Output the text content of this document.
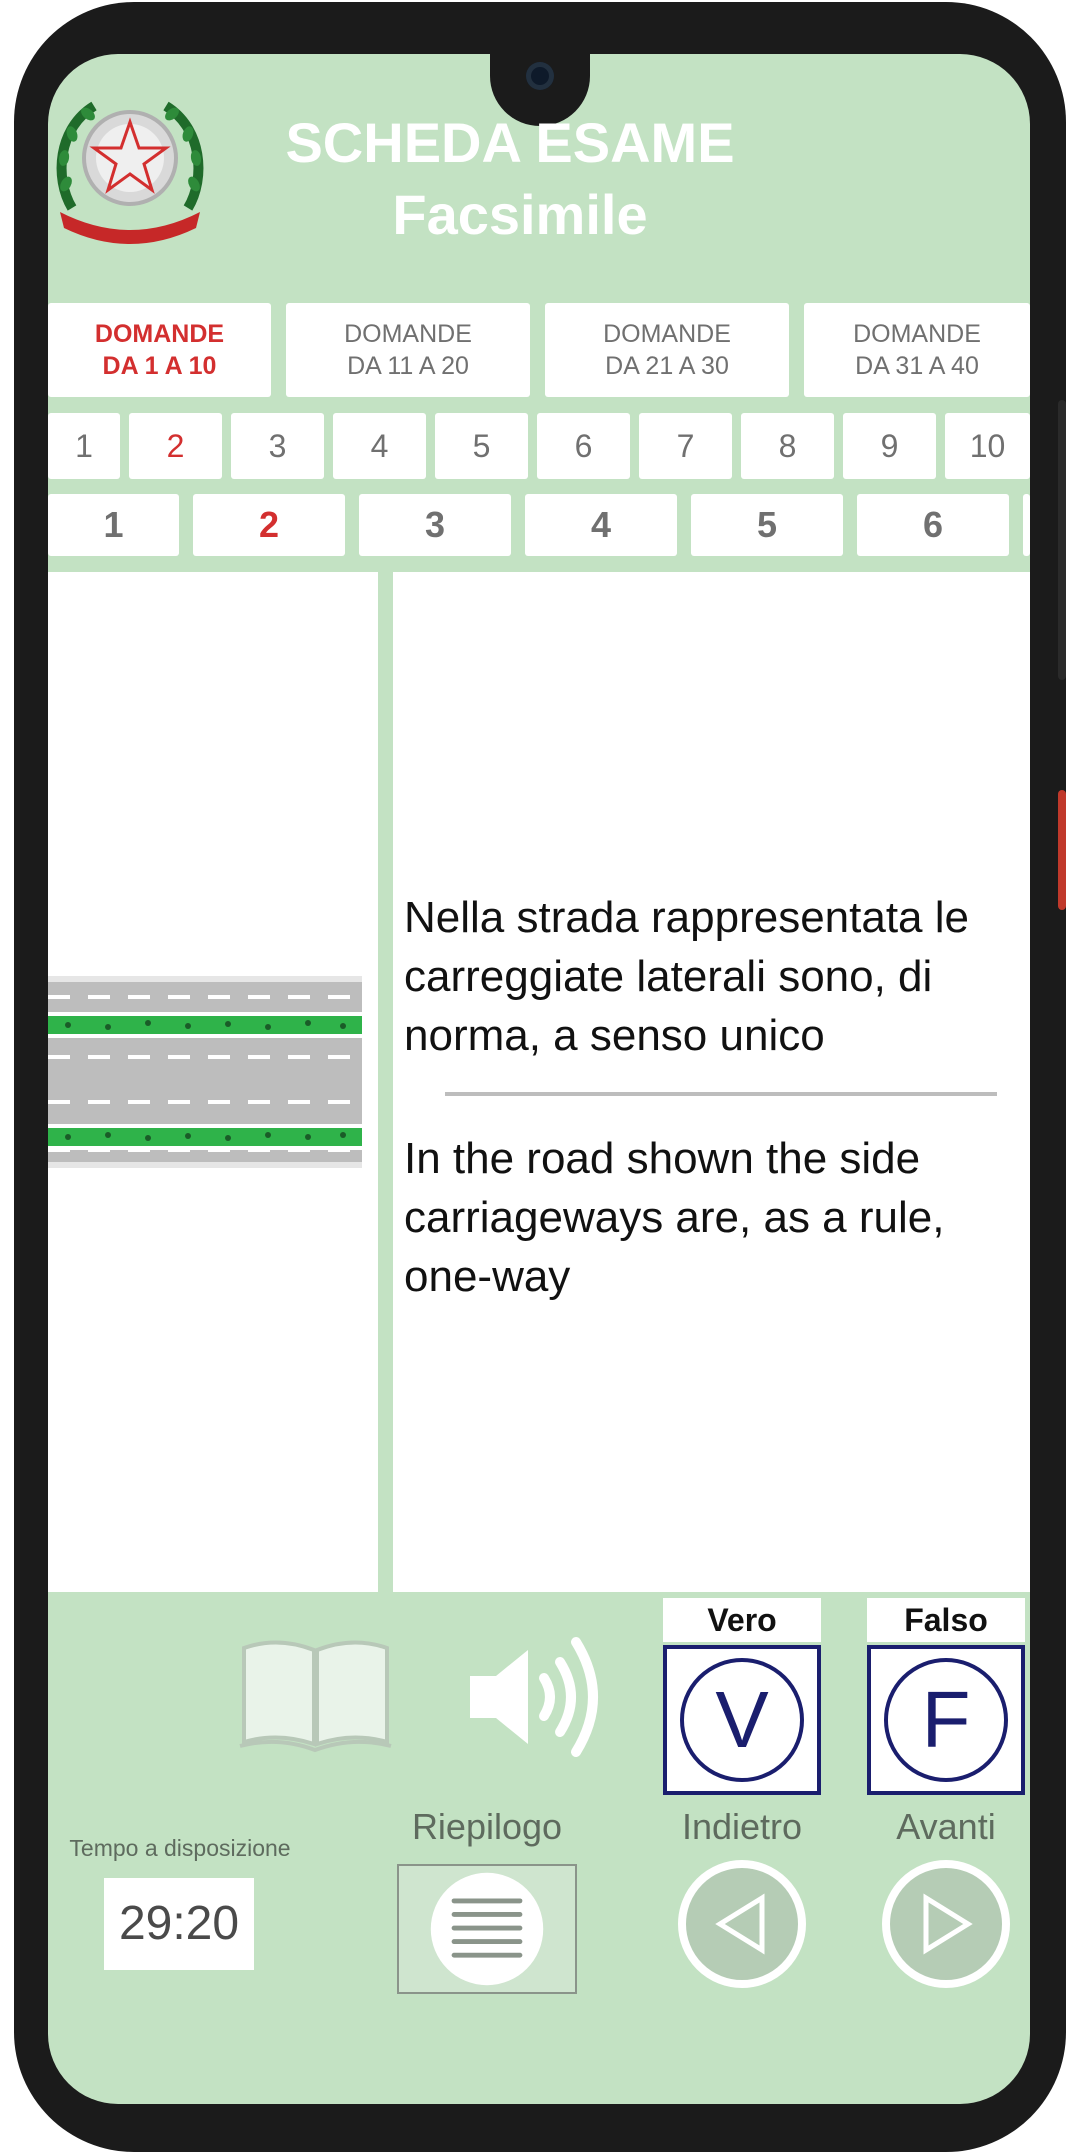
SCHEDA ESAME
Facsimile
DOMANDE
DA 1 A 10
DOMANDE
DA 11 A 20
DOMANDE
DA 21 A 30
DOMANDE
DA 31 A 40
1	2	3	4	5	6	7	8	9	10
1	2	3	4	5	6
Nella strada rappresentata le carreggiate laterali sono, di norma, a senso unico
In the road shown the side carriageways are, as a rule, one-way
Vero
V
Falso
F
Tempo a disposizione
29:20
Riepilogo	Indietro	Avanti
